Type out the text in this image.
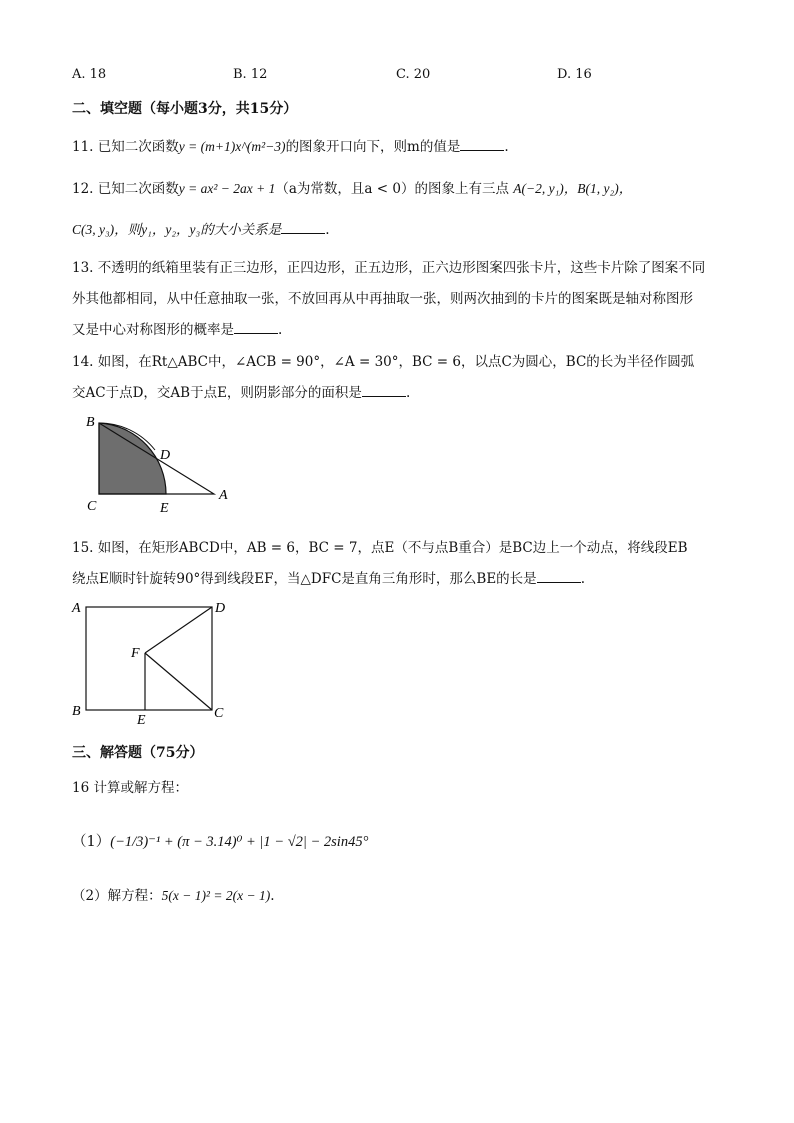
A. 18	B. 12	C. 20	D. 16
二、填空题（每小题3分，共15分）
11. 已知二次函数y = (m+1)x^(m²−3)的图象开口向下，则m的值是	.
12. 已知二次函数y = ax² − 2ax + 1（a为常数，且a < 0）的图象上有三点 A(−2, y₁)，B(1, y₂)，
C(3, y₃)，则y₁，y₂，y₃的大小关系是	.
13. 不透明的纸箱里装有正三边形，正四边形，正五边形，正六边形图案四张卡片，这些卡片除了图案不同
外其他都相同，从中任意抽取一张，不放回再从中再抽取一张，则两次抽到的卡片的图案既是轴对称图形
又是中心对称图形的概率是	.
14. 如图，在Rt△ABC中，∠ACB = 90°，∠A = 30°，BC = 6，以点C为圆心，BC的长为半径作圆弧
交AC于点D，交AB于点E，则阴影部分的面积是	.
B
D
C	E
A
15. 如图，在矩形ABCD中，AB = 6，BC = 7，点E（不与点B重合）是BC边上一个动点，将线段EB
绕点E顺时针旋转90°得到线段EF，当△DFC是直角三角形时，那么BE的长是	.
A	D
F
B
E	C
三、解答题（75分）
16 计算或解方程：
（1）(−1/3)⁻¹ + (π − 3.14)⁰ + |1 − √2| − 2sin45°
（2）解方程：5(x − 1)² = 2(x − 1).
